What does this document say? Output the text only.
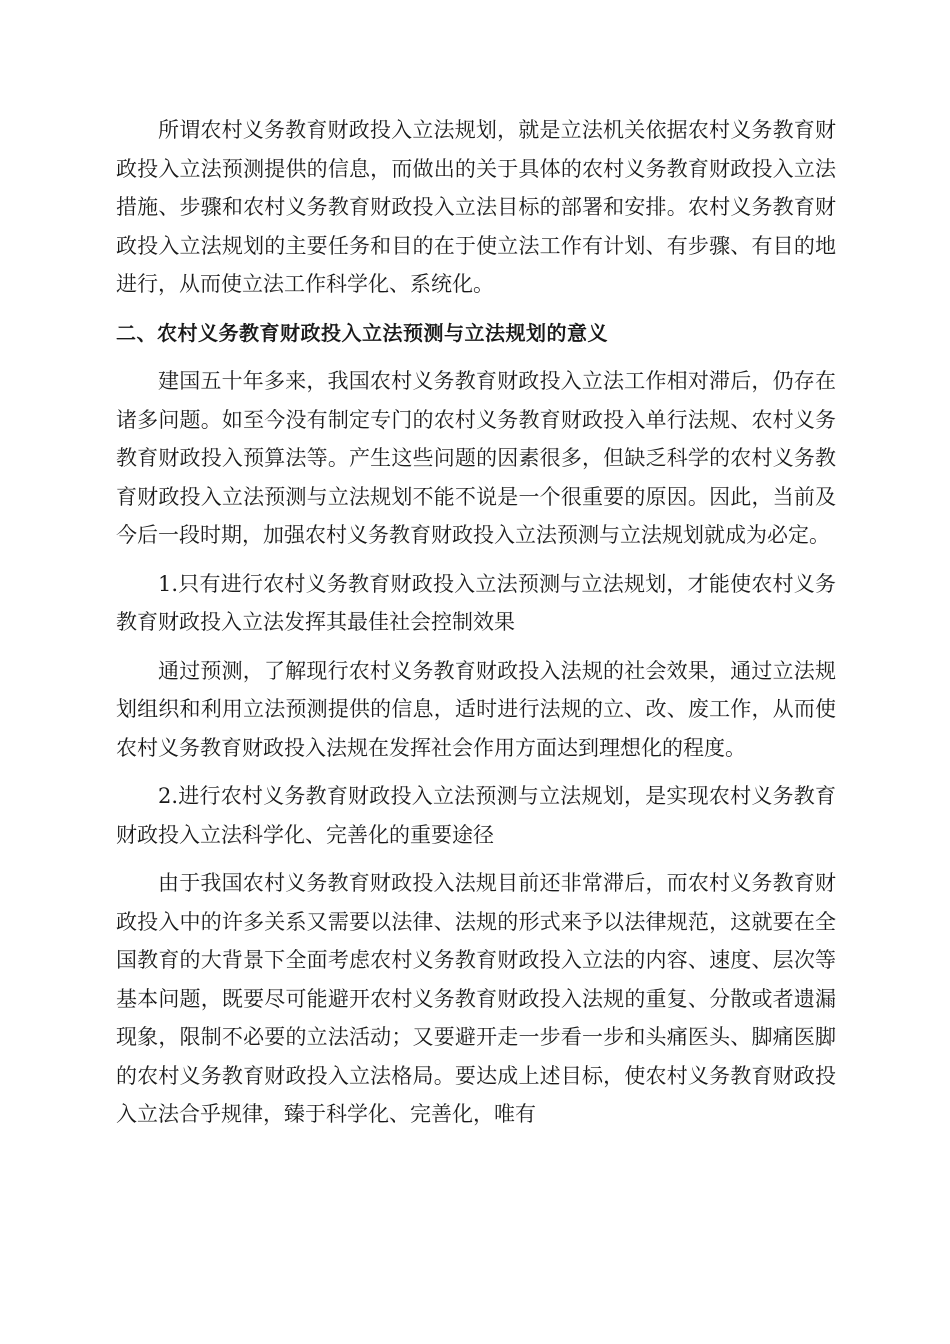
所谓农村义务教育财政投入立法规划，就是立法机关依据农村义务教育财政投入立法预测提供的信息，而做出的关于具体的农村义务教育财政投入立法措施、步骤和农村义务教育财政投入立法目标的部署和安排。农村义务教育财政投入立法规划的主要任务和目的在于使立法工作有计划、有步骤、有目的地进行，从而使立法工作科学化、系统化。

二、农村义务教育财政投入立法预测与立法规划的意义

建国五十年多来，我国农村义务教育财政投入立法工作相对滞后，仍存在诸多问题。如至今没有制定专门的农村义务教育财政投入单行法规、农村义务教育财政投入预算法等。产生这些问题的因素很多，但缺乏科学的农村义务教育财政投入立法预测与立法规划不能不说是一个很重要的原因。因此，当前及今后一段时期，加强农村义务教育财政投入立法预测与立法规划就成为必定。

1.只有进行农村义务教育财政投入立法预测与立法规划，才能使农村义务教育财政投入立法发挥其最佳社会控制效果

通过预测，了解现行农村义务教育财政投入法规的社会效果，通过立法规划组织和利用立法预测提供的信息，适时进行法规的立、改、废工作，从而使农村义务教育财政投入法规在发挥社会作用方面达到理想化的程度。

2.进行农村义务教育财政投入立法预测与立法规划，是实现农村义务教育财政投入立法科学化、完善化的重要途径

由于我国农村义务教育财政投入法规目前还非常滞后，而农村义务教育财政投入中的许多关系又需要以法律、法规的形式来予以法律规范，这就要在全国教育的大背景下全面考虑农村义务教育财政投入立法的内容、速度、层次等基本问题，既要尽可能避开农村义务教育财政投入法规的重复、分散或者遗漏现象，限制不必要的立法活动；又要避开走一步看一步和头痛医头、脚痛医脚的农村义务教育财政投入立法格局。要达成上述目标，使农村义务教育财政投入立法合乎规律，臻于科学化、完善化，唯有
